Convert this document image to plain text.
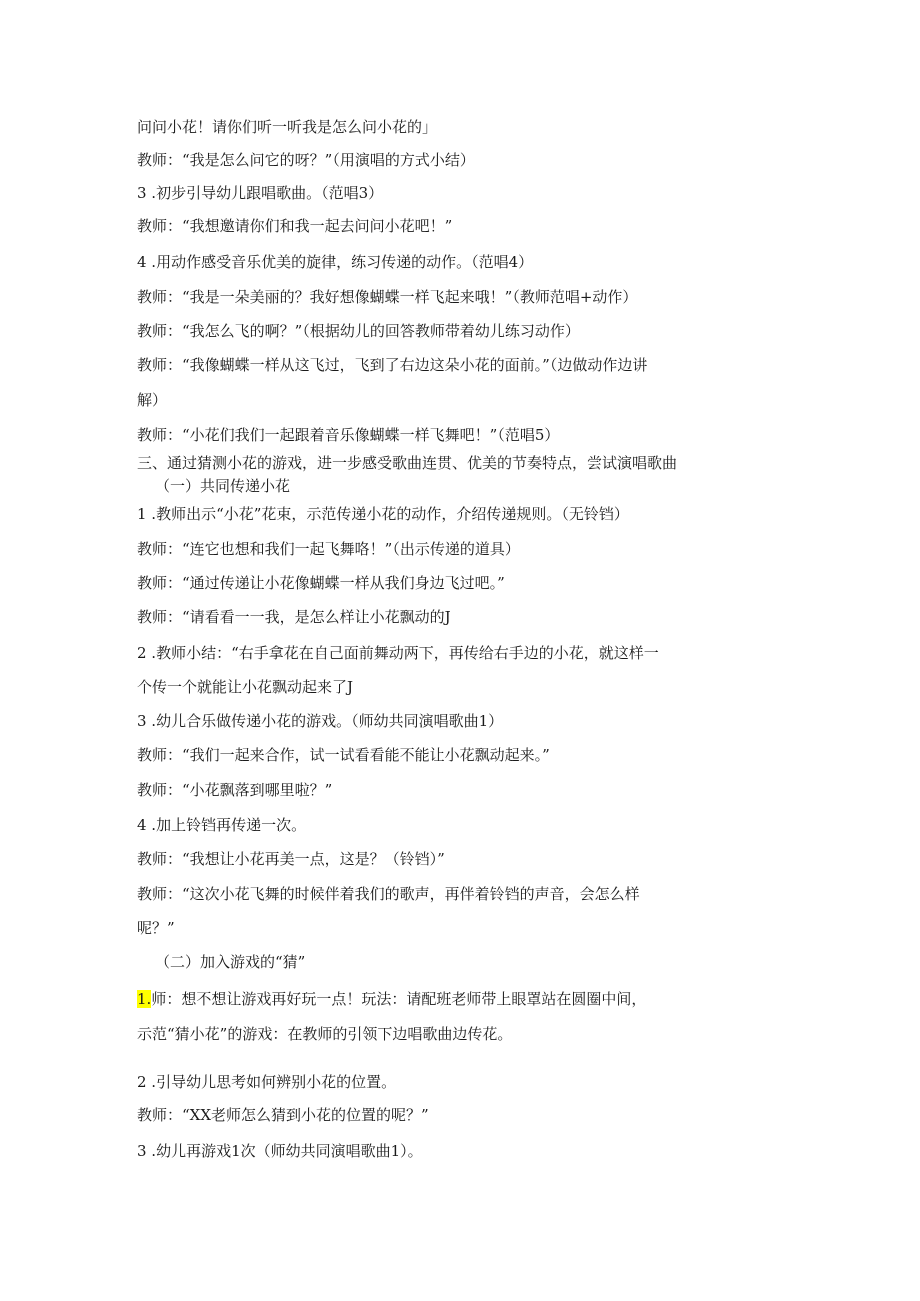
问问小花！请你们听一听我是怎么问小花的」
教师：“我是怎么问它的呀？”（用演唱的方式小结）
3 .初步引导幼儿跟唱歌曲。（范唱3）
教师：“我想邀请你们和我一起去问问小花吧！”
4 .用动作感受音乐优美的旋律，练习传递的动作。（范唱4）
教师：“我是一朵美丽的？我好想像蝴蝶一样飞起来哦！”（教师范唱+动作）
教师：“我怎么飞的啊？”（根据幼儿的回答教师带着幼儿练习动作）
教师：“我像蝴蝶一样从这飞过，飞到了右边这朵小花的面前。”（边做动作边讲
解）
教师：“小花们我们一起跟着音乐像蝴蝶一样飞舞吧！”（范唱5）
三、通过猜测小花的游戏，进一步感受歌曲连贯、优美的节奏特点，尝试演唱歌曲
（一）共同传递小花
1 .教师出示“小花”花束，示范传递小花的动作，介绍传递规则。（无铃铛）
教师：“连它也想和我们一起飞舞咯！”（出示传递的道具）
教师：“通过传递让小花像蝴蝶一样从我们身边飞过吧。”
教师：“请看看一一我，是怎么样让小花飘动的J
2 .教师小结：“右手拿花在自己面前舞动两下，再传给右手边的小花，就这样一
个传一个就能让小花飘动起来了J
3 .幼儿合乐做传递小花的游戏。（师幼共同演唱歌曲1）
教师：“我们一起来合作，试一试看看能不能让小花飘动起来。”
教师：“小花飘落到哪里啦？”
4 .加上铃铛再传递一次。
教师：“我想让小花再美一点，这是？（铃铛）”
教师：“这次小花飞舞的时候伴着我们的歌声，再伴着铃铛的声音，会怎么样
呢？”
（二）加入游戏的“猜”
1.师：想不想让游戏再好玩一点！玩法：请配班老师带上眼罩站在圆圈中间，
示范“猜小花”的游戏：在教师的引领下边唱歌曲边传花。
2 .引导幼儿思考如何辨别小花的位置。
教师：“XX老师怎么猜到小花的位置的呢？”
3 .幼儿再游戏1次（师幼共同演唱歌曲1）。
